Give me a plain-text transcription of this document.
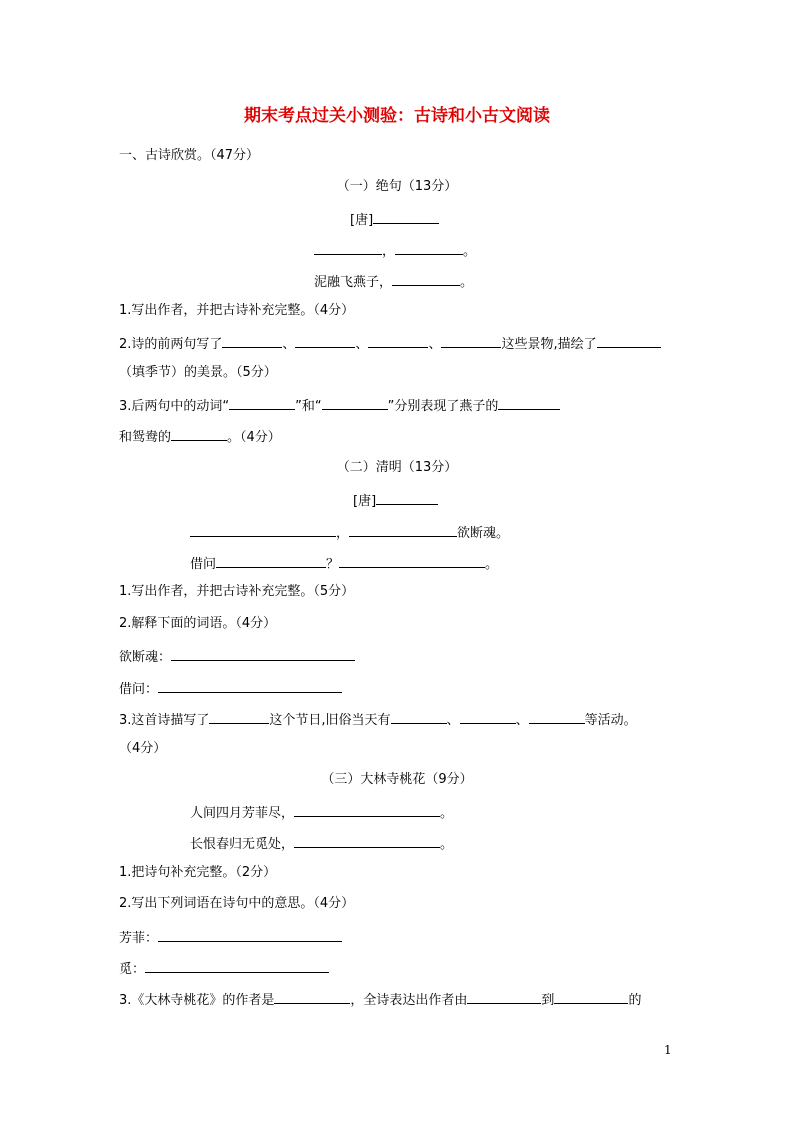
期末考点过关小测验：古诗和小古文阅读
一、古诗欣赏。（47分）
（一）绝句（13分）
[唐]
，	。
泥融飞燕子，	。
1.写出作者，并把古诗补充完整。（4分）
2.诗的前两句写了	、	、	、	这些景物,描绘了
（填季节）的美景。（5分）
3.后两句中的动词“	”和“	”分别表现了燕子的
和鸳鸯的	。（4分）
（二）清明（13分）
[唐]
，	欲断魂。
借问	？	。
1.写出作者，并把古诗补充完整。（5分）
2.解释下面的词语。（4分）
欲断魂：
借问：
3.这首诗描写了	这个节日,旧俗当天有	、	、	等活动。
（4分）
（三）大林寺桃花（9分）
人间四月芳菲尽，	。
长恨春归无觅处，	。
1.把诗句补充完整。（2分）
2.写出下列词语在诗句中的意思。（4分）
芳菲：
觅：
3.《大林寺桃花》的作者是	，全诗表达出作者由	到	的
1
